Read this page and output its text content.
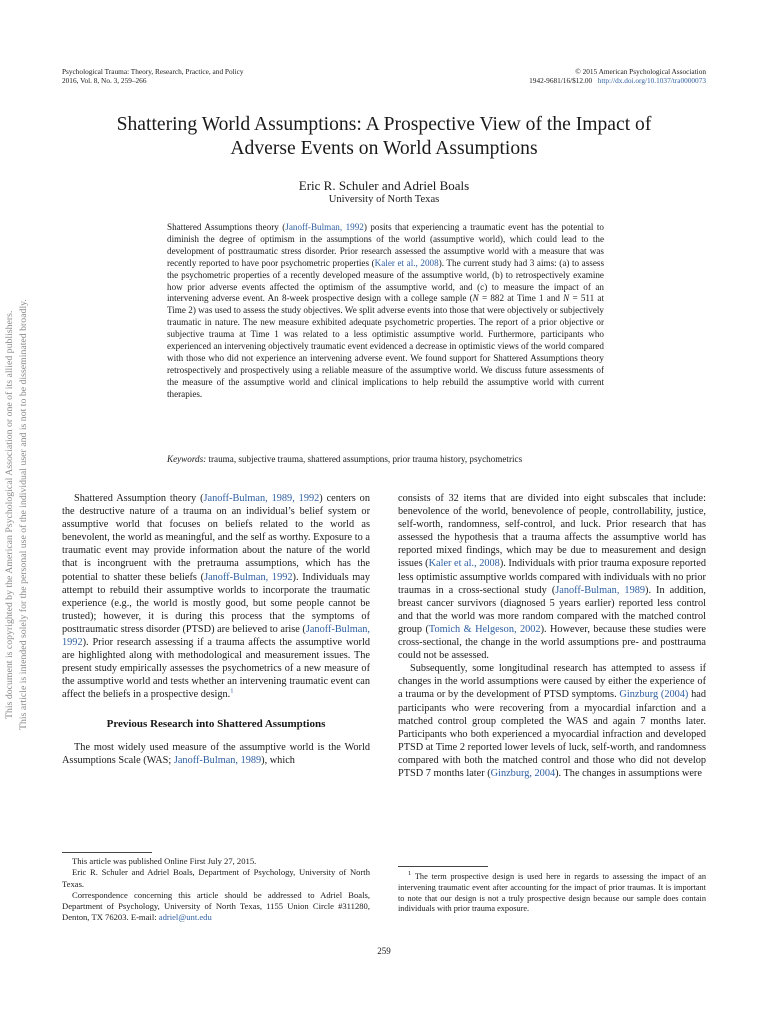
Psychological Trauma: Theory, Research, Practice, and Policy
2016, Vol. 8, No. 3, 259–266
© 2015 American Psychological Association
1942-9681/16/$12.00 http://dx.doi.org/10.1037/tra0000073
Shattering World Assumptions: A Prospective View of the Impact of
Adverse Events on World Assumptions
Eric R. Schuler and Adriel Boals
University of North Texas

Shattered Assumptions theory (Janoff-Bulman, 1992) posits that experiencing a traumatic event has the potential to diminish the degree of optimism in the assumptions of the world (assumptive world), which could lead to the development of posttraumatic stress disorder. Prior research assessed the assumptive world with a measure that was recently reported to have poor psychometric properties (Kaler et al., 2008). The current study had 3 aims: (a) to assess the psychometric properties of a recently developed measure of the assumptive world, (b) to retrospectively examine how prior adverse events affected the optimism of the assumptive world, and (c) to measure the impact of an intervening adverse event. An 8-week prospective design with a college sample (N = 882 at Time 1 and N = 511 at Time 2) was used to assess the study objectives. We split adverse events into those that were objectively or subjectively traumatic in nature. The new measure exhibited adequate psychometric properties. The report of a prior objective or subjective trauma at Time 1 was related to a less optimistic assumptive world. Furthermore, participants who experienced an intervening objectively traumatic event evidenced a decrease in optimistic views of the world compared with those who did not experience an intervening adverse event. We found support for Shattered Assumptions theory retrospectively and prospectively using a reliable measure of the assumptive world. We discuss future assessments of the measure of the assumptive world and clinical implications to help rebuild the assumptive world with current therapies.

Keywords: trauma, subjective trauma, shattered assumptions, prior trauma history, psychometrics

Shattered Assumption theory (Janoff-Bulman, 1989, 1992) centers on the destructive nature of a trauma on an individual’s belief system or assumptive world that focuses on beliefs related to the world as benevolent, the world as meaningful, and the self as worthy. Exposure to a traumatic event may provide information about the nature of the world that is incongruent with the pretrauma assumptions, which has the potential to shatter these beliefs (Janoff-Bulman, 1992). Individuals may attempt to rebuild their assumptive worlds to incorporate the traumatic experience (e.g., the world is mostly good, but some people cannot be trusted); however, it is during this process that the symptoms of posttraumatic stress disorder (PTSD) are believed to arise (Janoff-Bulman, 1992). Prior research assessing if a trauma affects the assumptive world are highlighted along with methodological and measurement issues. The present study empirically assesses the psychometrics of a new measure of the assumptive world and tests whether an intervening traumatic event can affect the beliefs in a prospective design.$^1$

Previous Research into Shattered Assumptions

The most widely used measure of the assumptive world is the World Assumptions Scale (WAS; Janoff-Bulman, 1989), which

consists of 32 items that are divided into eight subscales that include: benevolence of the world, benevolence of people, controllability, justice, self-worth, randomness, self-control, and luck. Prior research that has assessed the hypothesis that a trauma affects the assumptive world has reported mixed findings, which may be due to measurement and design issues (Kaler et al., 2008). Individuals with prior trauma exposure reported less optimistic assumptive worlds compared with individuals with no prior traumas in a cross-sectional study (Janoff-Bulman, 1989). In addition, breast cancer survivors (diagnosed 5 years earlier) reported less control and that the world was more random compared with the matched control group (Tomich & Helgeson, 2002). However, because these studies were cross-sectional, the change in the world assumptions pre- and posttrauma could not be assessed.

Subsequently, some longitudinal research has attempted to assess if changes in the world assumptions were caused by either the experience of a trauma or by the development of PTSD symptoms. Ginzburg (2004) had participants who were recovering from a myocardial infarction and a matched control group completed the WAS and again 7 months later. Participants who both experienced a myocardial infraction and developed PTSD at Time 2 reported lower levels of luck, self-worth, and randomness compared with both the matched control and those who did not develop PTSD 7 months later (Ginzburg, 2004). The changes in assumptions were

This article was published Online First July 27, 2015.

Eric R. Schuler and Adriel Boals, Department of Psychology, University of North Texas.

Correspondence concerning this article should be addressed to Adriel Boals, Department of Psychology, University of North Texas, 1155 Union Circle #311280, Denton, TX 76203. E-mail: adriel@unt.edu

$^1$ The term prospective design is used here in regards to assessing the impact of an intervening traumatic event after accounting for the impact of prior traumas. It is important to note that our design is not a truly prospective design because our sample does contain individuals with prior trauma exposure.

259
This document is copyrighted by the American Psychological Association or one of its allied publishers. This article is intended solely for the personal use of the individual user and is not to be disseminated broadly.
